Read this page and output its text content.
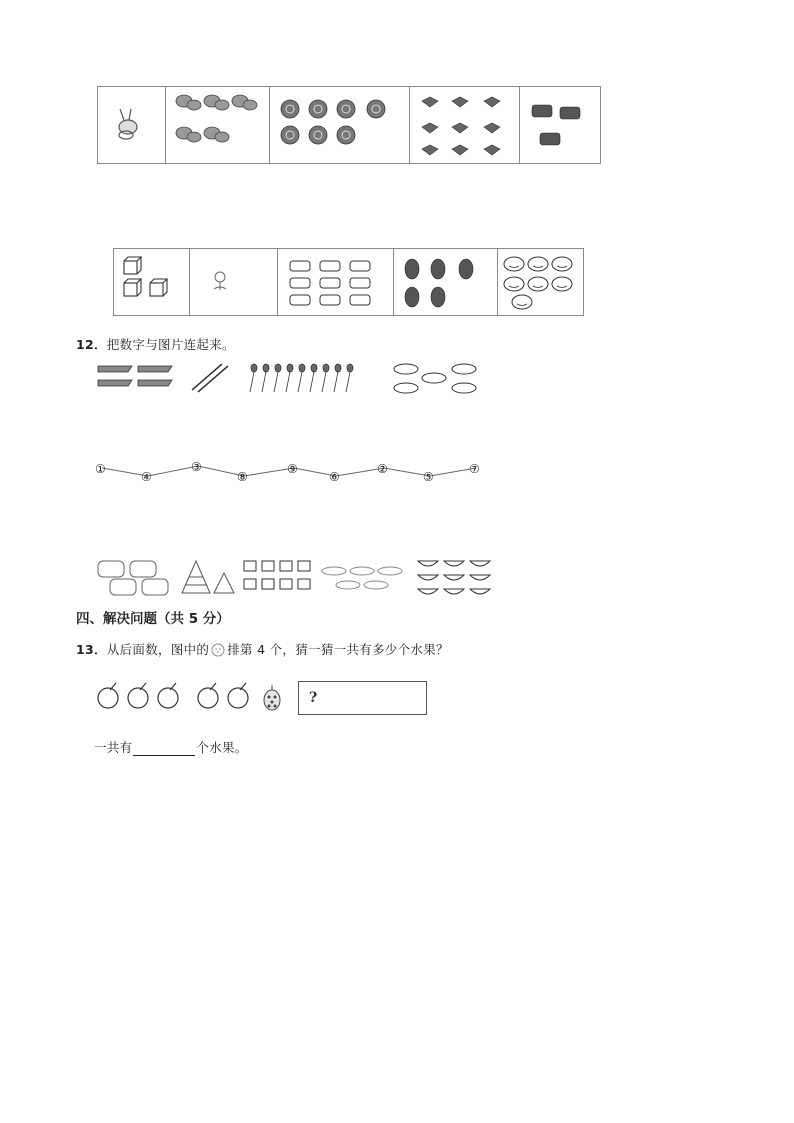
12．把数字与图片连起来。
①
④
③
⑧
⑨
⑥
②
⑤
⑦
四、解决问题（共 5 分）
13 ． 从后面数，图中的 排第 4 个，猜一猜一共有多少个水果？
?
一共有	个水果。
